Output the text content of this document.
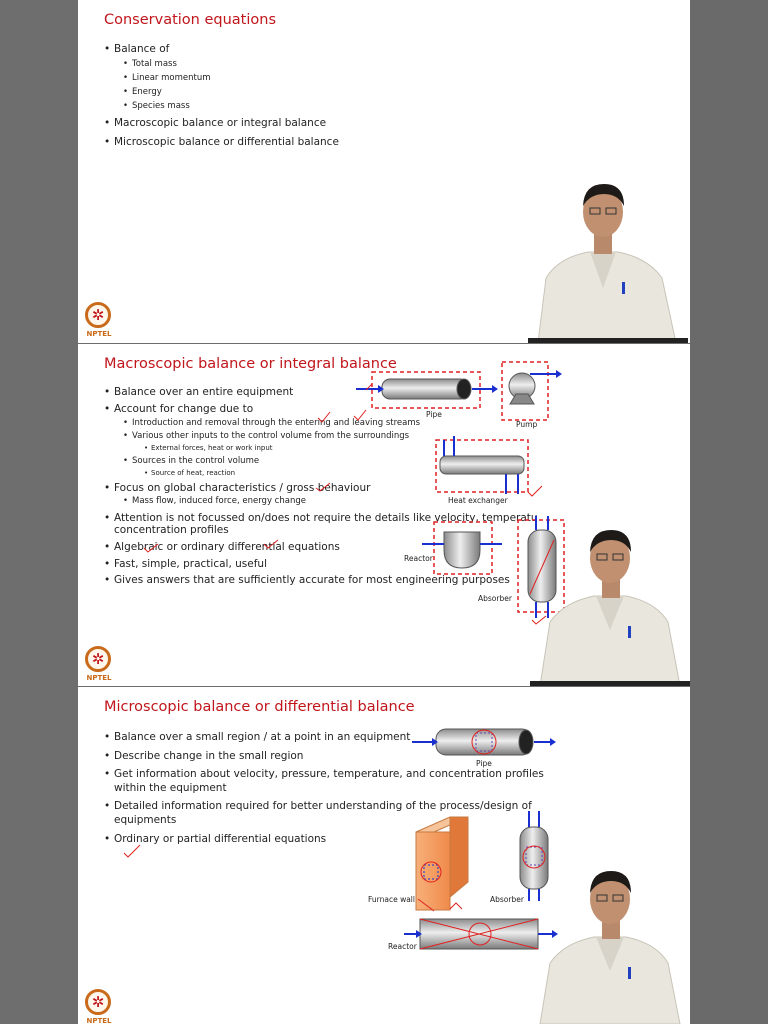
Conservation equations
• Balance of
• Total mass
• Linear momentum
• Energy
• Species mass
• Macroscopic balance or integral balance
• Microscopic balance or differential balance
✲
NPTEL
Macroscopic balance or integral balance
• Balance over an entire equipment
• Account for change due to
• Introduction and removal through the entering and leaving streams
• Various other inputs to the control volume from the surroundings
• External forces, heat or work input
• Sources in the control volume
• Source of heat, reaction
• Focus on global characteristics / gross behaviour
• Mass flow, induced force, energy change
• Attention is not focussed on/does not require the details like velocity, temperatu
concentration profiles
• Algebraic or ordinary differential equations
• Fast, simple, practical, useful
• Gives answers that are sufficiently accurate for most engineering purposes
Pipe
Pump
Heat exchanger
Reactor
Absorber
✲
NPTEL
Microscopic balance or differential balance
• Balance over a small region / at a point in an equipment
• Describe change in the small region
• Get information about velocity, pressure, temperature, and concentration profiles
within the equipment
• Detailed information required for better understanding of the process/design of
equipments
• Ordinary or partial differential equations
Pipe
Furnace wall	Absorber
Reactor
✲
NPTEL
